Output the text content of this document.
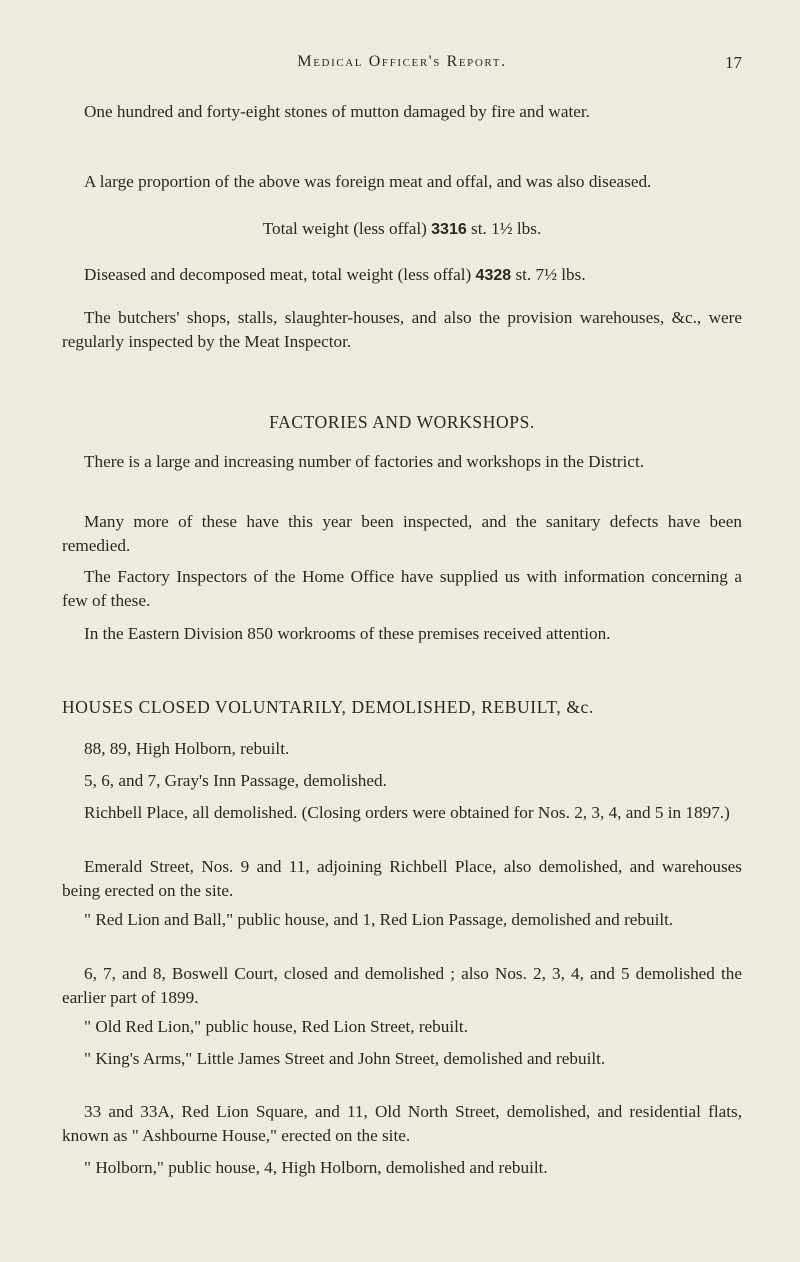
Medical Officer's Report.	17

One hundred and forty-eight stones of mutton damaged by fire and water.

A large proportion of the above was foreign meat and offal, and was also diseased.

Total weight (less offal) 3316 st. 1½ lbs.

Diseased and decomposed meat, total weight (less offal) 4328 st. 7½ lbs.

The butchers' shops, stalls, slaughter-houses, and also the provision warehouses, &c., were regularly inspected by the Meat Inspector.

FACTORIES AND WORKSHOPS.

There is a large and increasing number of factories and workshops in the District.

Many more of these have this year been inspected, and the sanitary defects have been remedied.

The Factory Inspectors of the Home Office have supplied us with information concerning a few of these.

In the Eastern Division 850 workrooms of these premises received attention.

HOUSES CLOSED VOLUNTARILY, DEMOLISHED, REBUILT, &c.

88, 89, High Holborn, rebuilt.

5, 6, and 7, Gray's Inn Passage, demolished.

Richbell Place, all demolished. (Closing orders were obtained for Nos. 2, 3, 4, and 5 in 1897.)

Emerald Street, Nos. 9 and 11, adjoining Richbell Place, also demolished, and warehouses being erected on the site.

" Red Lion and Ball," public house, and 1, Red Lion Passage, demolished and rebuilt.

6, 7, and 8, Boswell Court, closed and demolished ; also Nos. 2, 3, 4, and 5 demolished the earlier part of 1899.

" Old Red Lion," public house, Red Lion Street, rebuilt.

" King's Arms," Little James Street and John Street, demolished and rebuilt.

33 and 33A, Red Lion Square, and 11, Old North Street, demolished, and residential flats, known as " Ashbourne House," erected on the site.

" Holborn," public house, 4, High Holborn, demolished and rebuilt.
